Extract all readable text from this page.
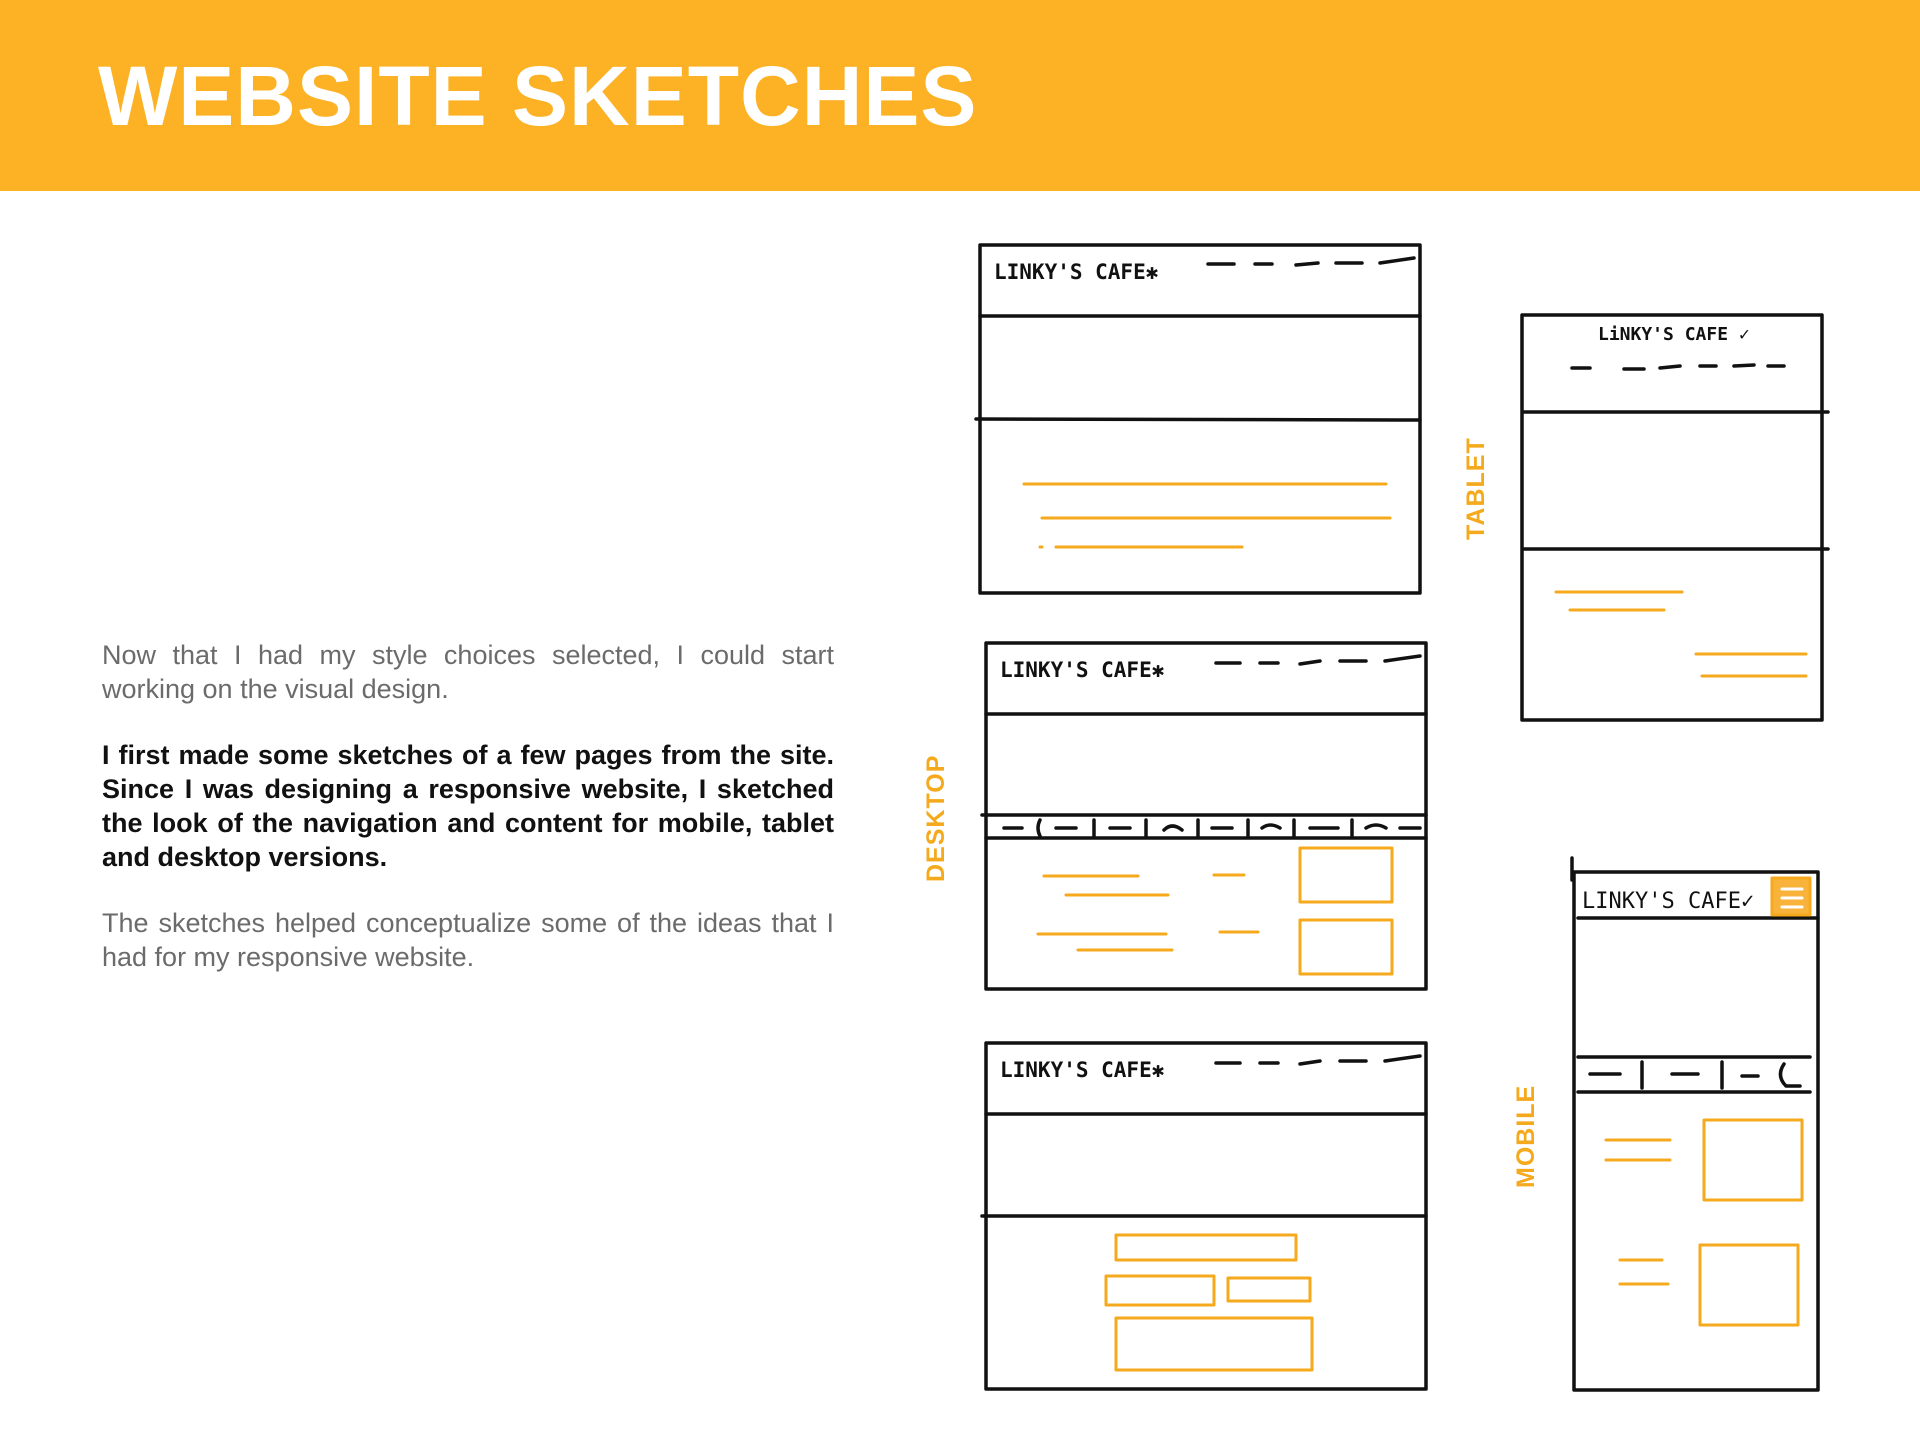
WEBSITE SKETCHES

Now that I had my style choices selected, I could start working on the visual design.

I first made some sketches of a few pages from the site. Since I was designing a responsive website, I sketched the look of the navigation and content for mobile, tablet and desktop versions.

The sketches helped conceptualize some of the ideas that I had for my responsive website.

LINKY'S CAFE✱
LINKY'S CAFE✱
LINKY'S CAFE✱
LiNKY'S CAFE ✓
LINKY'S CAFE✓
DESKTOP
TABLET
MOBILE
